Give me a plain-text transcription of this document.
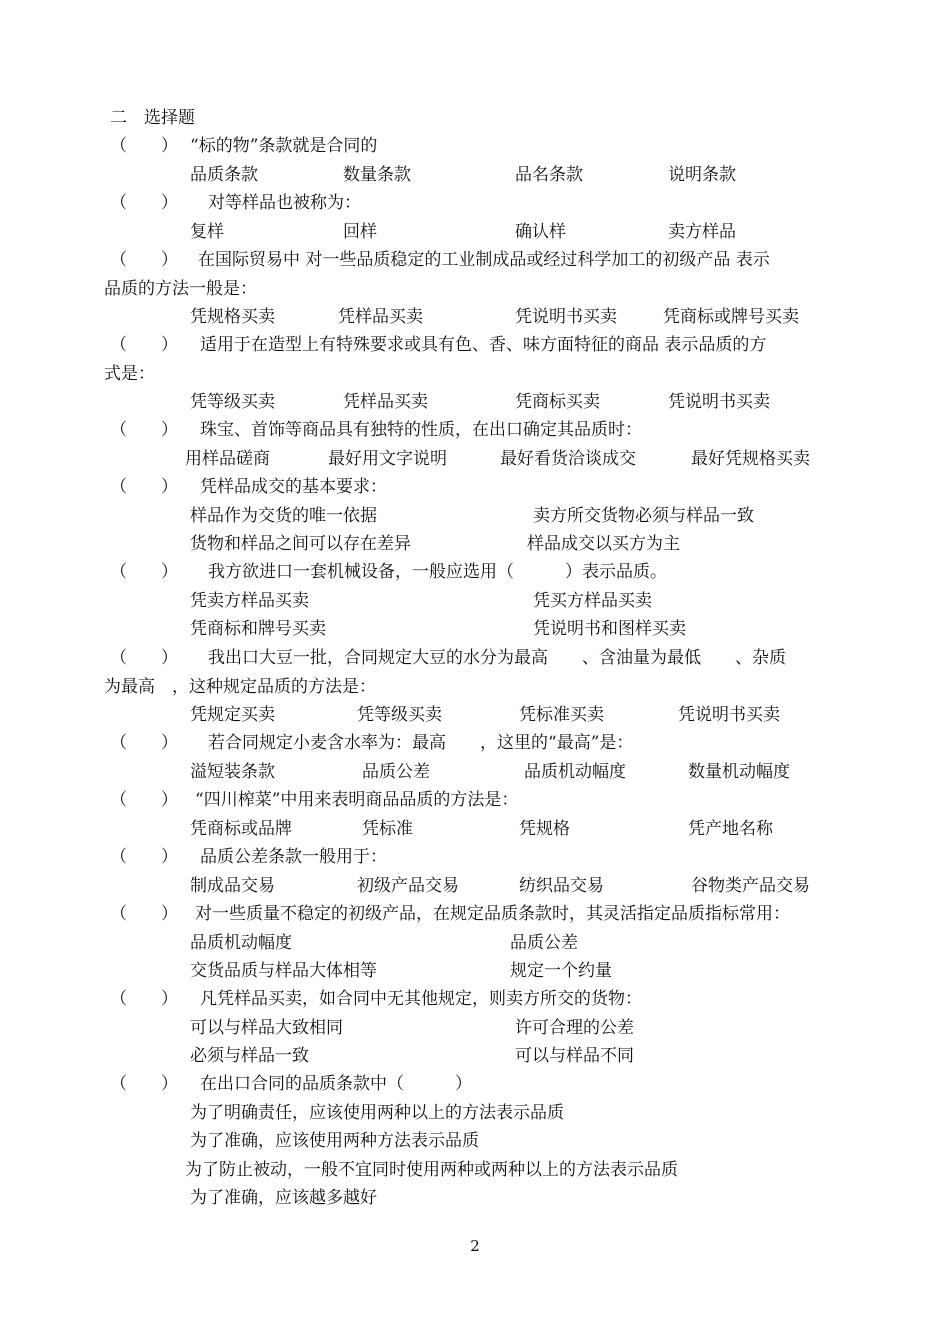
二　选择题
（　　） “标的物”条款就是合同的
品质条款	数量条款	品名条款	说明条款
（　　） 对等样品也被称为：
复样	回样	确认样	卖方样品
（　　） 在国际贸易中 对一些品质稳定的工业制成品或经过科学加工的初级产品 表示
品质的方法一般是：
凭规格买卖	凭样品买卖	凭说明书买卖	凭商标或牌号买卖
（　　） 适用于在造型上有特殊要求或具有色、香、味方面特征的商品 表示品质的方
式是：
凭等级买卖	凭样品买卖	凭商标买卖	凭说明书买卖
（　　） 珠宝、首饰等商品具有独特的性质，在出口确定其品质时：
用样品磋商	最好用文字说明	最好看货洽谈成交	最好凭规格买卖
（　　） 凭样品成交的基本要求：
样品作为交货的唯一依据	卖方所交货物必须与样品一致
货物和样品之间可以存在差异	样品成交以买方为主
（　　） 我方欲进口一套机械设备，一般应选用（　　　）表示品质。
凭卖方样品买卖	凭买方样品买卖
凭商标和牌号买卖	凭说明书和图样买卖
（　　） 我出口大豆一批，合同规定大豆的水分为最高　　、含油量为最低　　、杂质
为最高　，这种规定品质的方法是：
凭规定买卖	凭等级买卖	凭标准买卖	凭说明书买卖
（　　） 若合同规定小麦含水率为：最高　　，这里的“最高”是：
溢短装条款	品质公差	品质机动幅度	数量机动幅度
（　　） “四川榨菜”中用来表明商品品质的方法是：
凭商标或品牌	凭标准	凭规格	凭产地名称
（　　） 品质公差条款一般用于：
制成品交易	初级产品交易	纺织品交易	谷物类产品交易
（　　） 对一些质量不稳定的初级产品，在规定品质条款时，其灵活指定品质指标常用：
品质机动幅度	品质公差
交货品质与样品大体相等	规定一个约量
（　　） 凡凭样品买卖，如合同中无其他规定，则卖方所交的货物：
可以与样品大致相同	许可合理的公差
必须与样品一致	可以与样品不同
（　　） 在出口合同的品质条款中（　　　）
为了明确责任，应该使用两种以上的方法表示品质
为了准确，应该使用两种方法表示品质
为了防止被动，一般不宜同时使用两种或两种以上的方法表示品质
为了准确，应该越多越好
2
